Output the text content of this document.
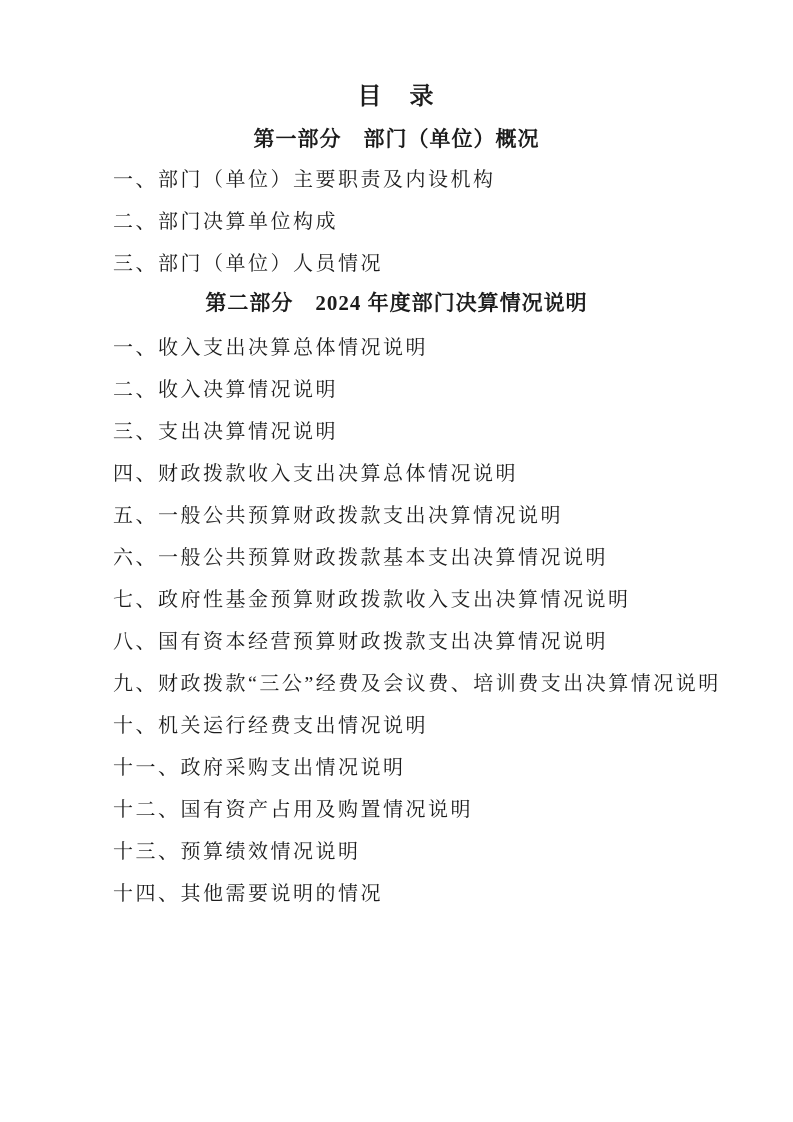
目　录
第一部分　部门（单位）概况

一、部门（单位）主要职责及内设机构

二、部门决算单位构成

三、部门（单位）人员情况

第二部分　2024 年度部门决算情况说明

一、收入支出决算总体情况说明

二、收入决算情况说明

三、支出决算情况说明

四、财政拨款收入支出决算总体情况说明

五、一般公共预算财政拨款支出决算情况说明

六、一般公共预算财政拨款基本支出决算情况说明

七、政府性基金预算财政拨款收入支出决算情况说明

八、国有资本经营预算财政拨款支出决算情况说明

九、财政拨款“三公”经费及会议费、培训费支出决算情况说明

十、机关运行经费支出情况说明

十一、政府采购支出情况说明

十二、国有资产占用及购置情况说明

十三、预算绩效情况说明

十四、其他需要说明的情况
